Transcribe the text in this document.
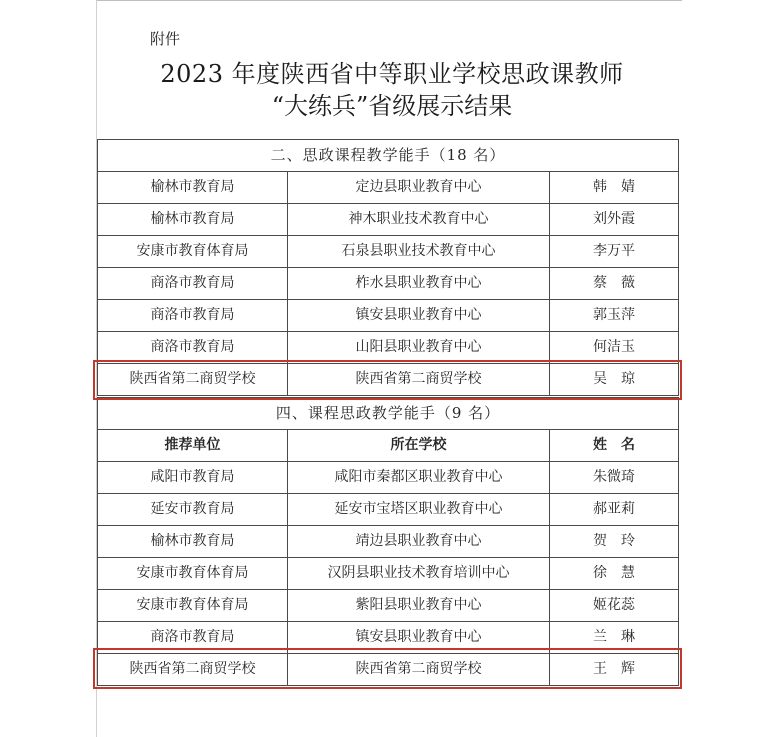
附件
2023 年度陕西省中等职业学校思政课教师
“大练兵”省级展示结果
二、思政课程教学能手（18 名）		
榆林市教育局	定边县职业教育中心	韩　婧
榆林市教育局	神木职业技术教育中心	刘外霞
安康市教育体育局	石泉县职业技术教育中心	李万平
商洛市教育局	柞水县职业教育中心	蔡　薇
商洛市教育局	镇安县职业教育中心	郭玉萍
商洛市教育局	山阳县职业教育中心	何洁玉
陕西省第二商贸学校	陕西省第二商贸学校	吴　琼
四、课程思政教学能手（9 名）		
推荐单位	所在学校	姓　名
咸阳市教育局	咸阳市秦都区职业教育中心	朱微琦
延安市教育局	延安市宝塔区职业教育中心	郝亚莉
榆林市教育局	靖边县职业教育中心	贺　玲
安康市教育体育局	汉阴县职业技术教育培训中心	徐　慧
安康市教育体育局	紫阳县职业教育中心	姬花蕊
商洛市教育局	镇安县职业教育中心	兰　琳
陕西省第二商贸学校	陕西省第二商贸学校	王　辉
